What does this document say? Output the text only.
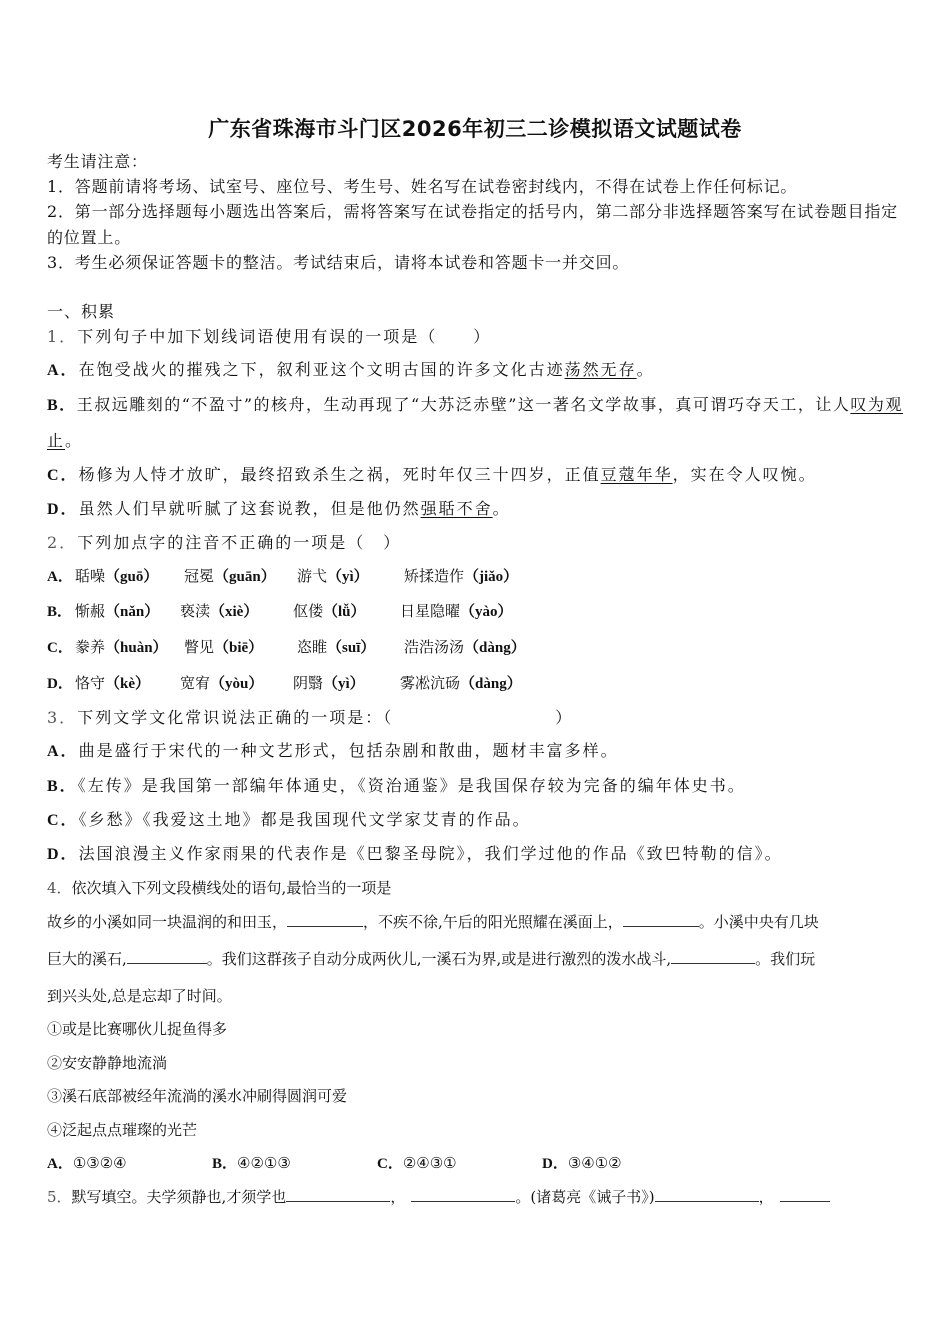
广东省珠海市斗门区2026年初三二诊模拟语文试题试卷
考生请注意：
1．答题前请将考场、试室号、座位号、考生号、姓名写在试卷密封线内，不得在试卷上作任何标记。
2．第一部分选择题每小题选出答案后，需将答案写在试卷指定的括号内，第二部分非选择题答案写在试卷题目指定
的位置上。
3．考生必须保证答题卡的整洁。考试结束后，请将本试卷和答题卡一并交回。
一、积累
1．下列句子中加下划线词语使用有误的一项是（　　）
A．在饱受战火的摧残之下，叙利亚这个文明古国的许多文化古迹荡然无存。
B．王叔远雕刻的“不盈寸”的核舟，生动再现了“大苏泛赤壁”这一著名文学故事，真可谓巧夺天工，让人叹为观
止。
C．杨修为人恃才放旷，最终招致杀生之祸，死时年仅三十四岁，正值豆蔻年华，实在令人叹惋。
D．虽然人们早就听腻了这套说教，但是他仍然强聒不舍。
2．下列加点字的注音不正确的一项是（　）
A． 聒噪（guō） 冠冕（guān） 游弋（yì） 矫揉造作（jiǎo）
B． 惭赧（nǎn） 亵渎（xiè） 伛偻（lǚ） 日星隐曜（yào）
C． 豢养（huàn） 瞥见（biē） 恣睢（suī） 浩浩汤汤（dàng）
D． 恪守（kè） 宽宥（yòu） 阴翳（yì） 雾凇沆砀（dàng）
3．下列文学文化常识说法正确的一项是：（　　　　　　　　　）
A．曲是盛行于宋代的一种文艺形式，包括杂剧和散曲，题材丰富多样。
B．《左传》是我国第一部编年体通史，《资治通鉴》是我国保存较为完备的编年体史书。
C．《乡愁》《我爱这土地》都是我国现代文学家艾青的作品。
D．法国浪漫主义作家雨果的代表作是《巴黎圣母院》，我们学过他的作品《致巴特勒的信》。
4．依次填入下列文段横线处的语句,最恰当的一项是
故乡的小溪如同一块温润的和田玉，	，不疾不徐,午后的阳光照耀在溪面上，	。小溪中央有几块
巨大的溪石,	。我们这群孩子自动分成两伙儿,一溪石为界,或是进行激烈的泼水战斗,	。我们玩
到兴头处,总是忘却了时间。
①或是比赛哪伙儿捉鱼得多
②安安静静地流淌
③溪石底部被经年流淌的溪水冲刷得圆润可爱
④泛起点点璀璨的光芒
A．①③②④	B．④②①③	C．②④③①	D．③④①②
5．默写填空。夫学须静也,才须学也	，	。(诸葛亮《诫子书》)	，
